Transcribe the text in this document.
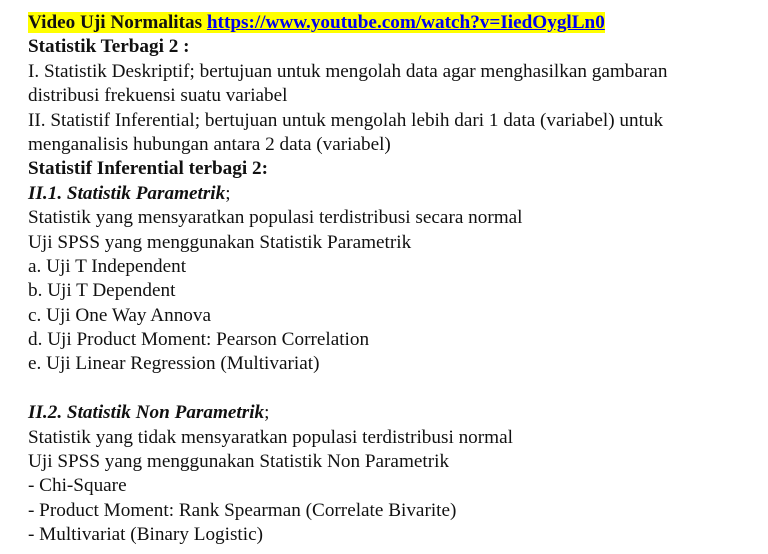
Video Uji Normalitas https://www.youtube.com/watch?v=IiedOyglLn0
Statistik Terbagi 2 :
I. Statistik Deskriptif; bertujuan untuk mengolah data agar menghasilkan gambaran
distribusi frekuensi suatu variabel
II. Statistif Inferential; bertujuan untuk mengolah lebih dari 1 data (variabel) untuk
menganalisis hubungan antara 2 data (variabel)
Statistif Inferential terbagi 2:
II.1. Statistik Parametrik;
Statistik yang mensyaratkan populasi terdistribusi secara normal
Uji SPSS yang menggunakan Statistik Parametrik
a. Uji T Independent
b. Uji T Dependent
c. Uji One Way Annova
d. Uji Product Moment: Pearson Correlation
e. Uji Linear Regression (Multivariat)
II.2. Statistik Non Parametrik;
Statistik yang tidak mensyaratkan populasi terdistribusi normal
Uji SPSS yang menggunakan Statistik Non Parametrik
- Chi-Square
- Product Moment: Rank Spearman (Correlate Bivarite)
- Multivariat (Binary Logistic)
